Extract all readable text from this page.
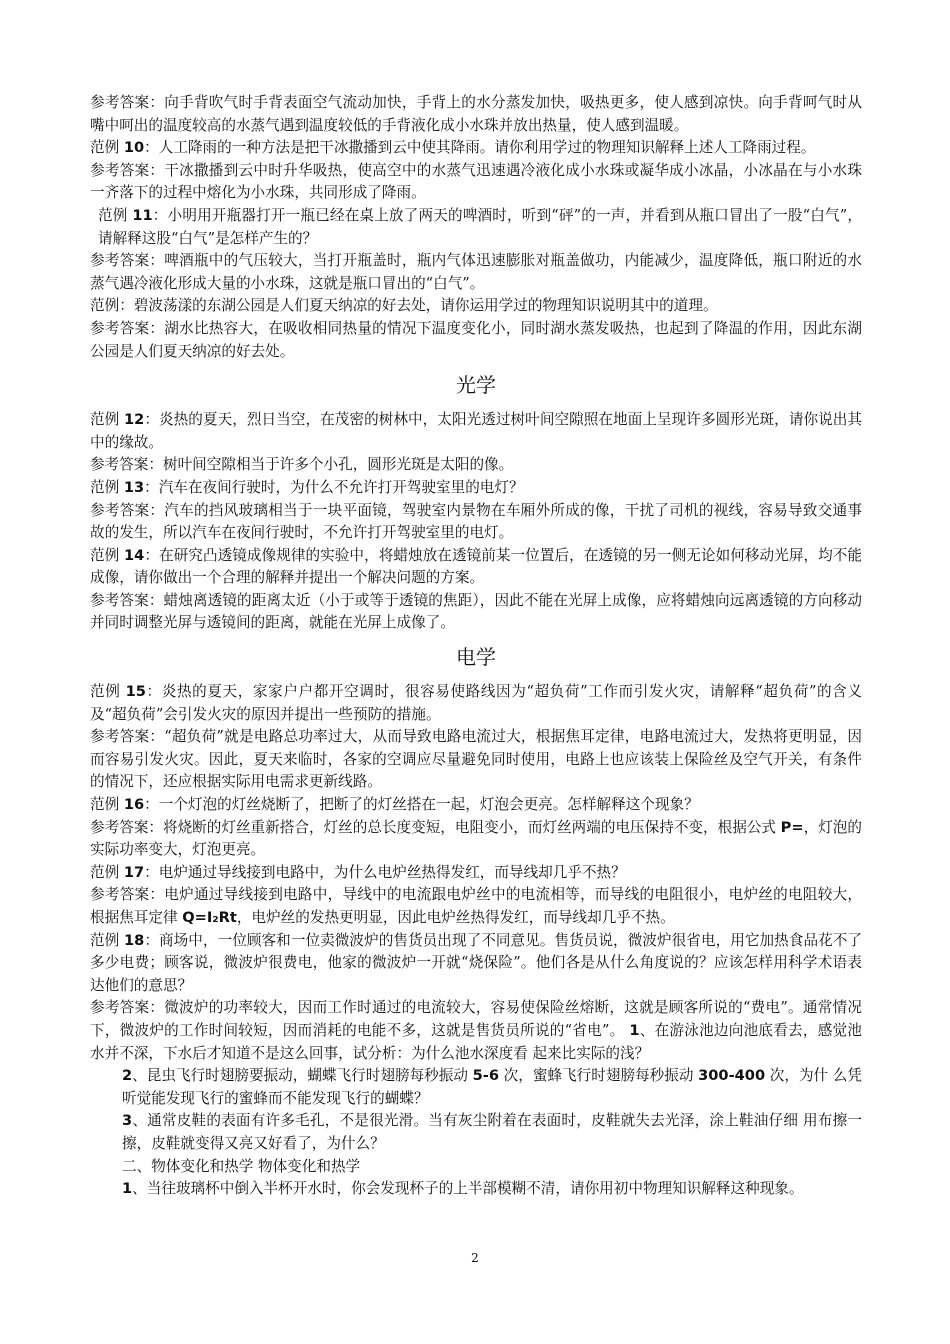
参考答案：向手背吹气时手背表面空气流动加快，手背上的水分蒸发加快，吸热更多，使人感到凉快。向手背呵气时从嘴中呵出的温度较高的水蒸气遇到温度较低的手背液化成小水珠并放出热量，使人感到温暖。

范例 10：人工降雨的一种方法是把干冰撒播到云中使其降雨。请你利用学过的物理知识解释上述人工降雨过程。

参考答案：干冰撒播到云中时升华吸热，使高空中的水蒸气迅速遇冷液化成小水珠或凝华成小冰晶，小冰晶在与小水珠一齐落下的过程中熔化为小水珠，共同形成了降雨。

范例 11：小明用开瓶器打开一瓶已经在桌上放了两天的啤酒时，听到“砰”的一声，并看到从瓶口冒出了一股“白气”，请解释这股“白气”是怎样产生的？

参考答案：啤酒瓶中的气压较大，当打开瓶盖时，瓶内气体迅速膨胀对瓶盖做功，内能减少，温度降低，瓶口附近的水蒸气遇冷液化形成大量的小水珠，这就是瓶口冒出的“白气”。

范例：碧波荡漾的东湖公园是人们夏天纳凉的好去处，请你运用学过的物理知识说明其中的道理。

参考答案：湖水比热容大，在吸收相同热量的情况下温度变化小，同时湖水蒸发吸热，也起到了降温的作用，因此东湖公园是人们夏天纳凉的好去处。

光学

范例 12：炎热的夏天，烈日当空，在茂密的树林中，太阳光透过树叶间空隙照在地面上呈现许多圆形光斑，请你说出其中的缘故。

参考答案：树叶间空隙相当于许多个小孔，圆形光斑是太阳的像。

范例 13：汽车在夜间行驶时，为什么不允许打开驾驶室里的电灯？

参考答案：汽车的挡风玻璃相当于一块平面镜，驾驶室内景物在车厢外所成的像，干扰了司机的视线，容易导致交通事故的发生，所以汽车在夜间行驶时，不允许打开驾驶室里的电灯。

范例 14：在研究凸透镜成像规律的实验中，将蜡烛放在透镜前某一位置后，在透镜的另一侧无论如何移动光屏，均不能成像，请你做出一个合理的解释并提出一个解决问题的方案。

参考答案：蜡烛离透镜的距离太近（小于或等于透镜的焦距），因此不能在光屏上成像，应将蜡烛向远离透镜的方向移动并同时调整光屏与透镜间的距离，就能在光屏上成像了。

电学

范例 15：炎热的夏天，家家户户都开空调时，很容易使路线因为“超负荷”工作而引发火灾，请解释“超负荷”的含义及“超负荷”会引发火灾的原因并提出一些预防的措施。

参考答案：“超负荷”就是电路总功率过大，从而导致电路电流过大，根据焦耳定律，电路电流过大，发热将更明显，因而容易引发火灾。因此，夏天来临时，各家的空调应尽量避免同时使用，电路上也应该装上保险丝及空气开关，有条件的情况下，还应根据实际用电需求更新线路。

范例 16：一个灯泡的灯丝烧断了，把断了的灯丝搭在一起，灯泡会更亮。怎样解释这个现象？

参考答案：将烧断的灯丝重新搭合，灯丝的总长度变短，电阻变小，而灯丝两端的电压保持不变，根据公式 P=，灯泡的实际功率变大，灯泡更亮。

范例 17：电炉通过导线接到电路中，为什么电炉丝热得发红，而导线却几乎不热？

参考答案：电炉通过导线接到电路中，导线中的电流跟电炉丝中的电流相等，而导线的电阻很小，电炉丝的电阻较大，根据焦耳定律 Q=I₂Rt，电炉丝的发热更明显，因此电炉丝热得发红，而导线却几乎不热。

范例 18：商场中，一位顾客和一位卖微波炉的售货员出现了不同意见。售货员说，微波炉很省电，用它加热食品花不了多少电费；顾客说，微波炉很费电，他家的微波炉一开就“烧保险”。他们各是从什么角度说的？应该怎样用科学术语表达他们的意思？

参考答案：微波炉的功率较大，因而工作时通过的电流较大，容易使保险丝熔断，这就是顾客所说的“费电”。通常情况下，微波炉的工作时间较短，因而消耗的电能不多，这就是售货员所说的“省电”。 1、在游泳池边向池底看去，感觉池水并不深，下水后才知道不是这么回事，试分析：为什么池水深度看 起来比实际的浅？

2、昆虫飞行时翅膀要振动，蝴蝶飞行时翅膀每秒振动 5-6 次，蜜蜂飞行时翅膀每秒振动 300-400 次，为什 么凭听觉能发现飞行的蜜蜂而不能发现飞行的蝴蝶？

3、通常皮鞋的表面有许多毛孔，不是很光滑。当有灰尘附着在表面时，皮鞋就失去光泽，涂上鞋油仔细 用布擦一擦，皮鞋就变得又亮又好看了，为什么？

二、物体变化和热学 物体变化和热学

1、当往玻璃杯中倒入半杯开水时，你会发现杯子的上半部模糊不清，请你用初中物理知识解释这种现象。

2
